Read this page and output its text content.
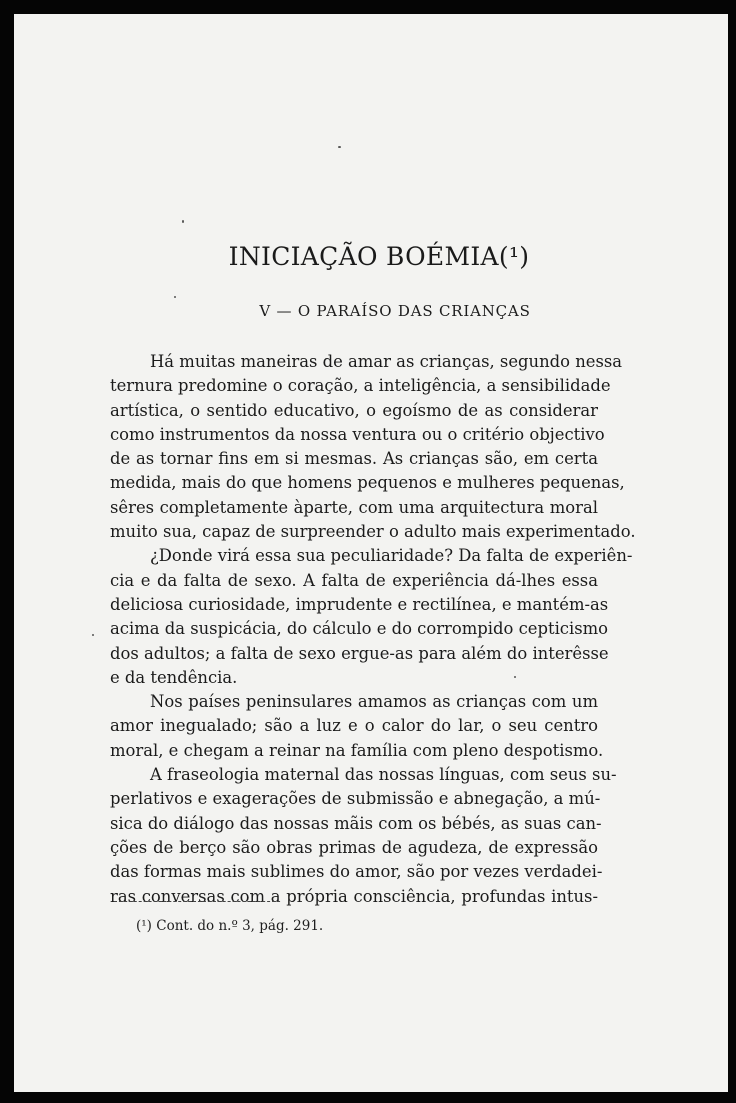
INICIAÇÃO BOÉMIA(¹)
V — O PARAÍSO DAS CRIANÇAS
Há muitas maneiras de amar as crianças, segundo nessa
ternura predomine o coração, a inteligência, a sensibilidade
artística, o sentido educativo, o egoísmo de as considerar
como instrumentos da nossa ventura ou o critério objectivo
de as tornar fins em si mesmas. As crianças são, em certa
medida, mais do que homens pequenos e mulheres pequenas,
sêres completamente àparte, com uma arquitectura moral
muito sua, capaz de surpreender o adulto mais experimentado.
¿Donde virá essa sua peculiaridade? Da falta de experiên-
cia e da falta de sexo. A falta de experiência dá-lhes essa
deliciosa curiosidade, imprudente e rectilínea, e mantém-as
acima da suspicácia, do cálculo e do corrompido cepticismo
dos adultos; a falta de sexo ergue-as para além do interêsse
e da tendência.
Nos países peninsulares amamos as crianças com um
amor inegualado; são a luz e o calor do lar, o seu centro
moral, e chegam a reinar na família com pleno despotismo.
A fraseologia maternal das nossas línguas, com seus su-
perlativos e exagerações de submissão e abnegação, a mú-
sica do diálogo das nossas mãis com os bébés, as suas can-
ções de berço são obras primas de agudeza, de expressão
das formas mais sublimes do amor, são por vezes verdadei-
ras conversas com a própria consciência, profundas intus-
(¹) Cont. do n.º 3, pág. 291.
